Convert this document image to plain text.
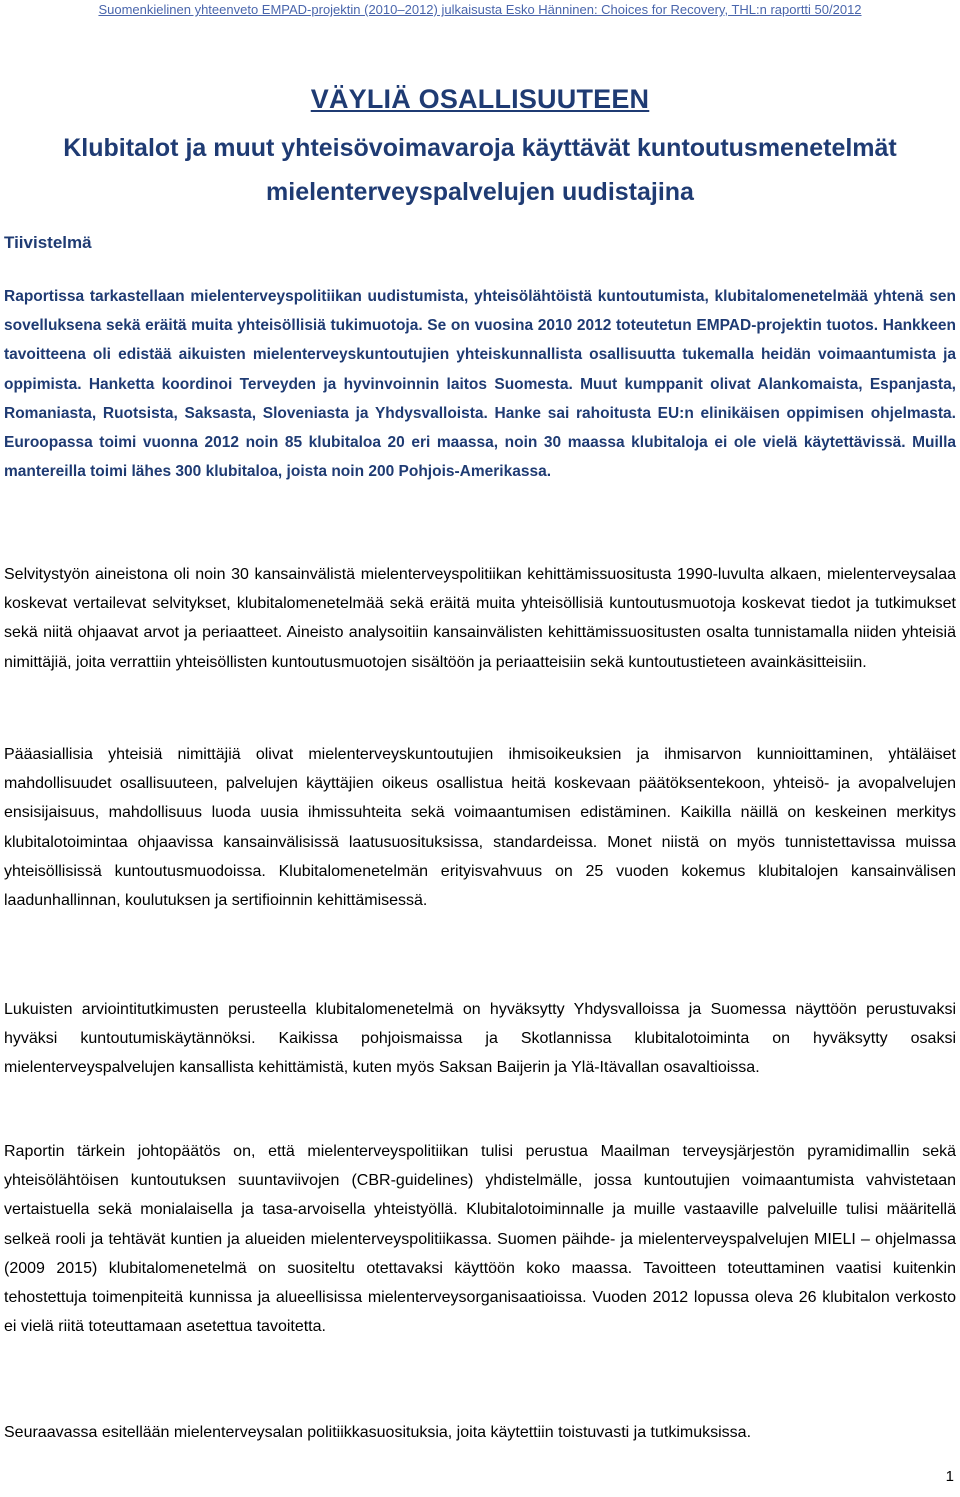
Suomenkielinen yhteenveto EMPAD-projektin (2010–2012) julkaisusta Esko Hänninen: Choices for Recovery, THL:n raportti 50/2012
VÄYLIÄ OSALLISUUTEEN
Klubitalot ja muut yhteisövoimavaroja käyttävät kuntoutusmenetelmät
mielenterveyspalvelujen uudistajina
Tiivistelmä

Raportissa tarkastellaan mielenterveyspolitiikan uudistumista, yhteisölähtöistä kuntoutumista, klubitalomenetelmää yhtenä sen sovelluksena sekä eräitä muita yhteisöllisiä tukimuotoja. Se on vuosina 2010 2012 toteutetun EMPAD-projektin tuotos. Hankkeen tavoitteena oli edistää aikuisten mielenterveyskuntoutujien yhteiskunnallista osallisuutta tukemalla heidän voimaantumista ja oppimista. Hanketta koordinoi Terveyden ja hyvinvoinnin laitos Suomesta. Muut kumppanit olivat Alankomaista, Espanjasta, Romaniasta, Ruotsista, Saksasta, Sloveniasta ja Yhdysvalloista. Hanke sai rahoitusta EU:n elinikäisen oppimisen ohjelmasta. Euroopassa toimi vuonna 2012 noin 85 klubitaloa 20 eri maassa, noin 30 maassa klubitaloja ei ole vielä käytettävissä. Muilla mantereilla toimi lähes 300 klubitaloa, joista noin 200 Pohjois-Amerikassa.

Selvitystyön aineistona oli noin 30 kansainvälistä mielenterveyspolitiikan kehittämissuositusta 1990-luvulta alkaen, mielenterveysalaa koskevat vertailevat selvitykset, klubitalomenetelmää sekä eräitä muita yhteisöllisiä kuntoutusmuotoja koskevat tiedot ja tutkimukset sekä niitä ohjaavat arvot ja periaatteet. Aineisto analysoitiin kansainvälisten kehittämissuositusten osalta tunnistamalla niiden yhteisiä nimittäjiä, joita verrattiin yhteisöllisten kuntoutusmuotojen sisältöön ja periaatteisiin sekä kuntoutustieteen avainkäsitteisiin.

Pääasiallisia yhteisiä nimittäjiä olivat mielenterveyskuntoutujien ihmisoikeuksien ja ihmisarvon kunnioittaminen, yhtäläiset mahdollisuudet osallisuuteen, palvelujen käyttäjien oikeus osallistua heitä koskevaan päätöksentekoon, yhteisö- ja avopalvelujen ensisijaisuus, mahdollisuus luoda uusia ihmissuhteita sekä voimaantumisen edistäminen. Kaikilla näillä on keskeinen merkitys klubitalotoimintaa ohjaavissa kansainvälisissä laatusuosituksissa, standardeissa. Monet niistä on myös tunnistettavissa muissa yhteisöllisissä kuntoutusmuodoissa. Klubitalomenetelmän erityisvahvuus on 25 vuoden kokemus klubitalojen kansainvälisen laadunhallinnan, koulutuksen ja sertifioinnin kehittämisessä.

Lukuisten arviointitutkimusten perusteella klubitalomenetelmä on hyväksytty Yhdysvalloissa ja Suomessa näyttöön perustuvaksi hyväksi kuntoutumiskäytännöksi. Kaikissa pohjoismaissa ja Skotlannissa klubitalotoiminta on hyväksytty osaksi mielenterveyspalvelujen kansallista kehittämistä, kuten myös Saksan Baijerin ja Ylä-Itävallan osavaltioissa.

Raportin tärkein johtopäätös on, että mielenterveyspolitiikan tulisi perustua Maailman terveysjärjestön pyramidimallin sekä yhteisölähtöisen kuntoutuksen suuntaviivojen (CBR-guidelines) yhdistelmälle, jossa kuntoutujien voimaantumista vahvistetaan vertaistuella sekä monialaisella ja tasa-arvoisella yhteistyöllä. Klubitalotoiminnalle ja muille vastaaville palveluille tulisi määritellä selkeä rooli ja tehtävät kuntien ja alueiden mielenterveyspolitiikassa. Suomen päihde- ja mielenterveyspalvelujen MIELI – ohjelmassa (2009 2015) klubitalomenetelmä on suositeltu otettavaksi käyttöön koko maassa. Tavoitteen toteuttaminen vaatisi kuitenkin tehostettuja toimenpiteitä kunnissa ja alueellisissa mielenterveysorganisaatioissa. Vuoden 2012 lopussa oleva 26 klubitalon verkosto ei vielä riitä toteuttamaan asetettua tavoitetta.

Seuraavassa esitellään mielenterveysalan politiikkasuosituksia, joita käytettiin toistuvasti ja tutkimuksissa.

1
